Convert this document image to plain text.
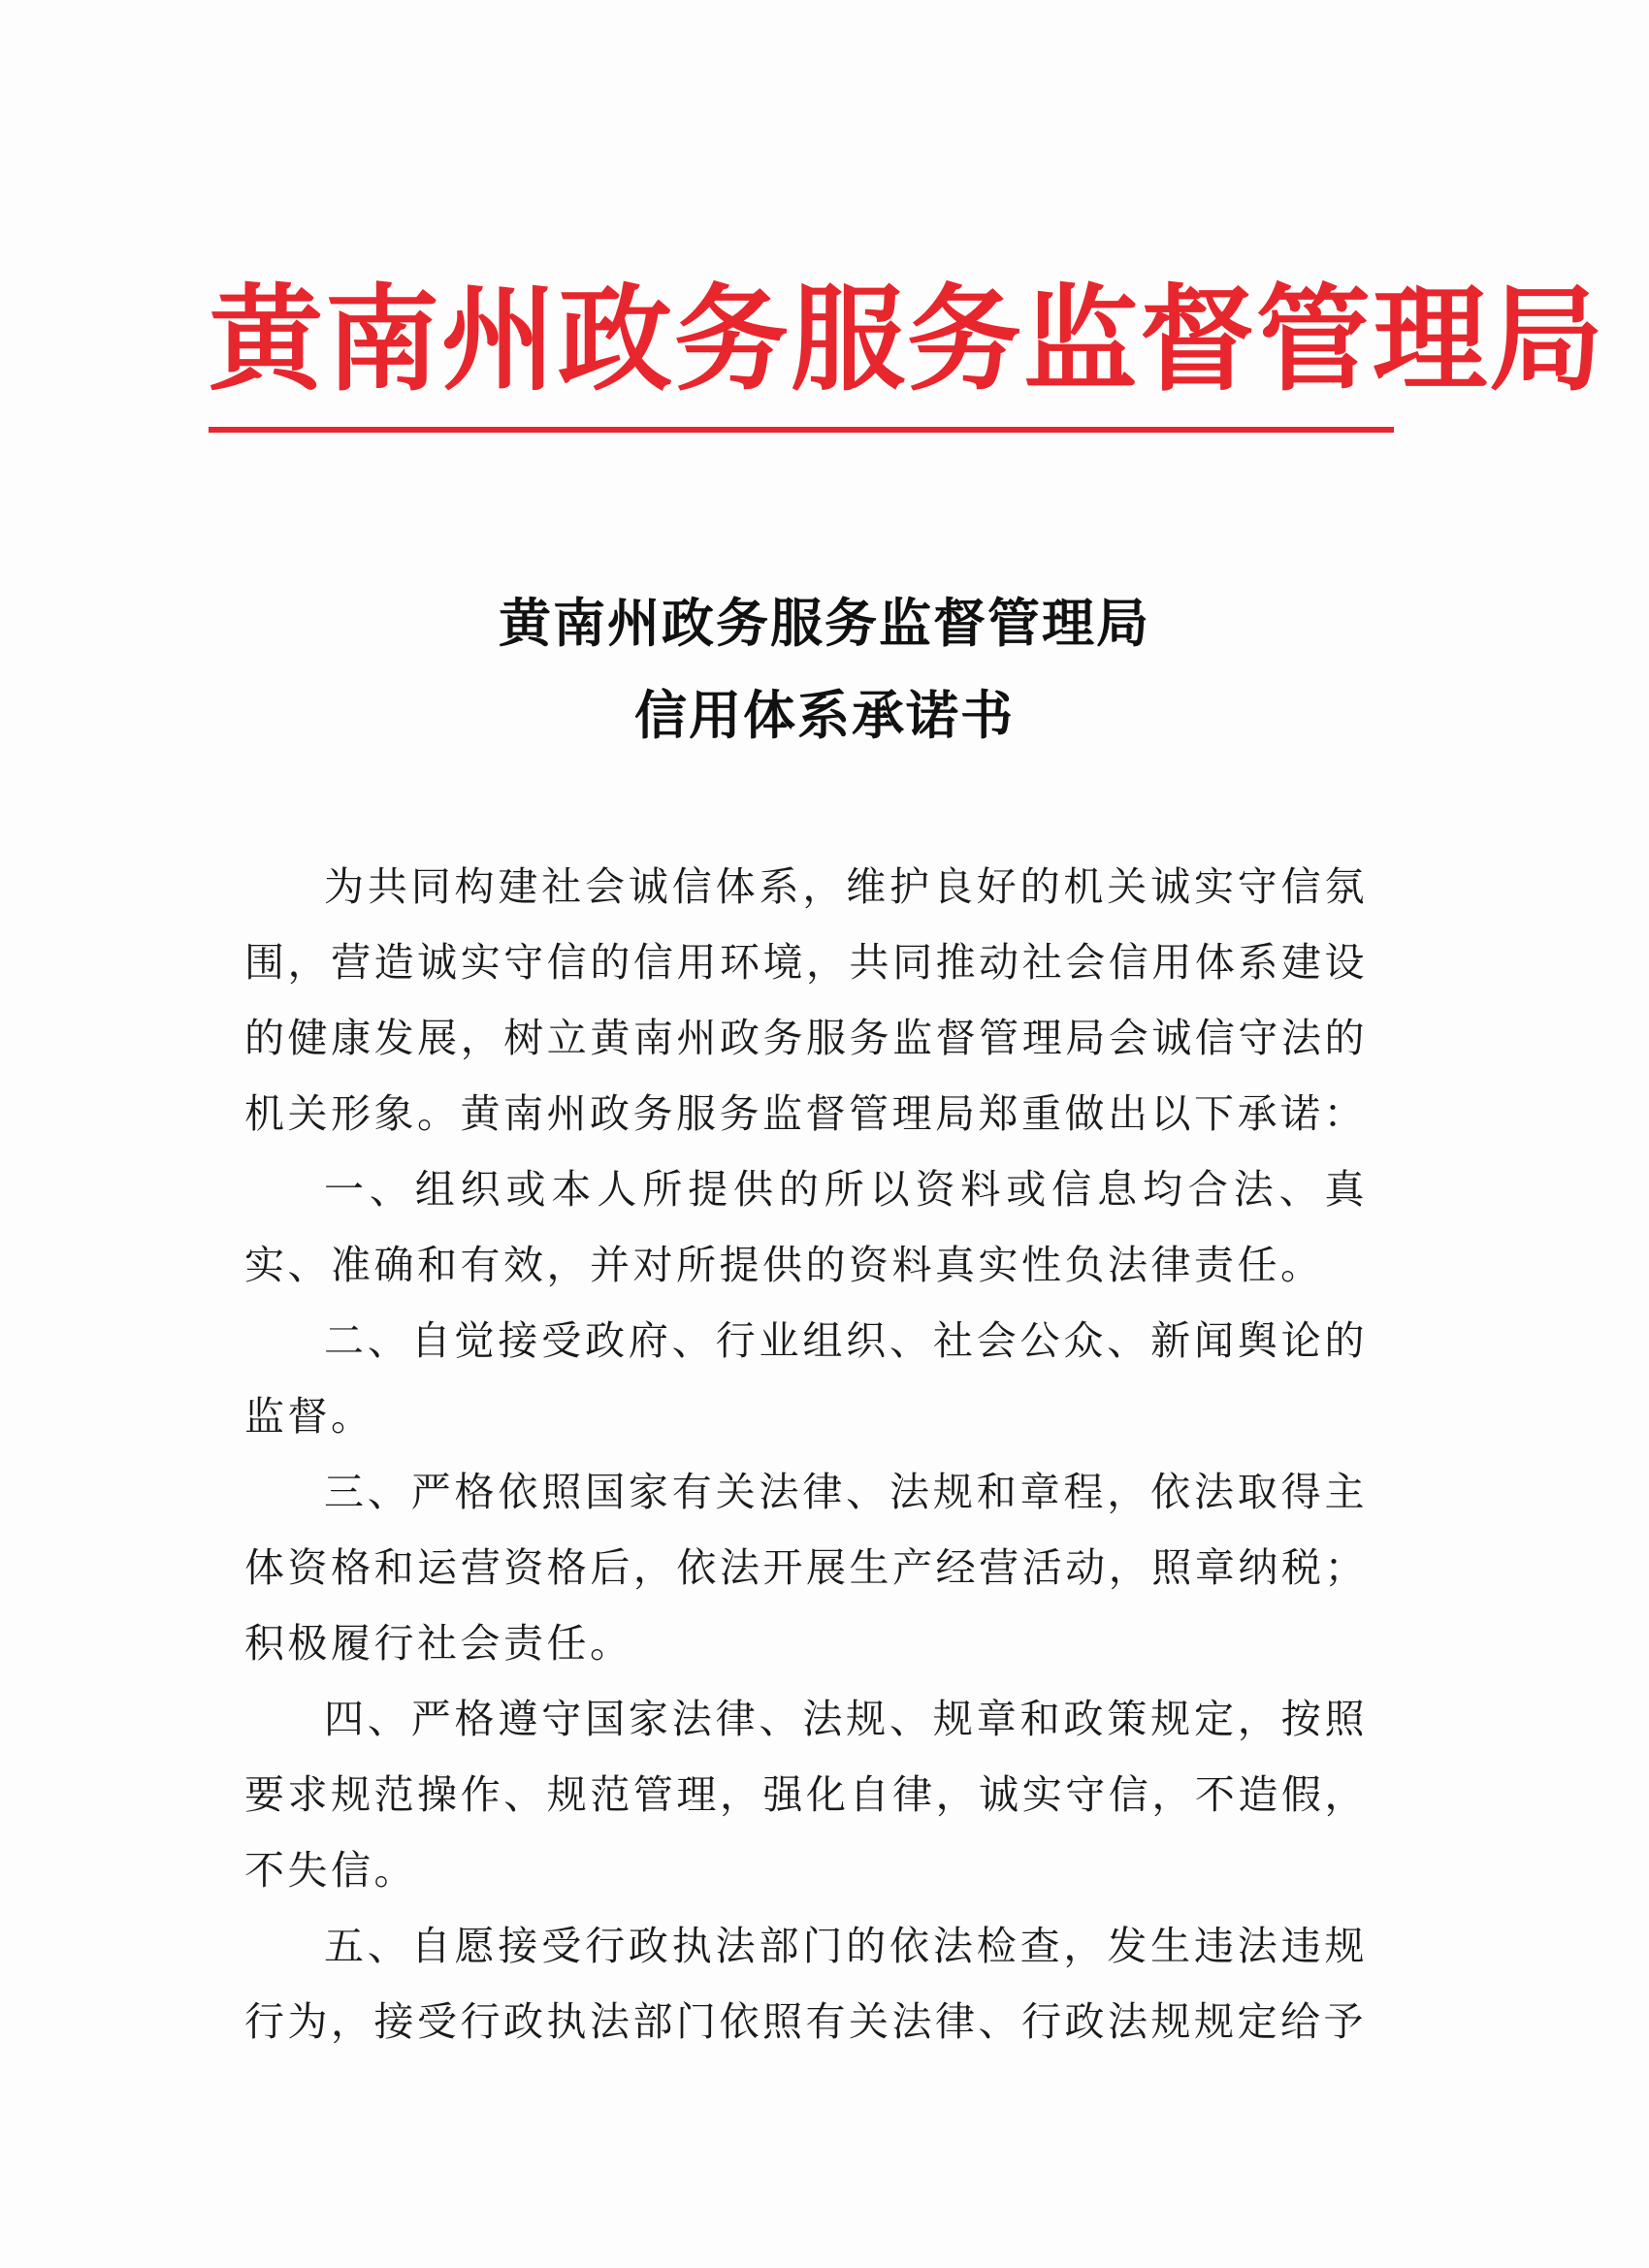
黄南州政务服务监督管理局
黄南州政务服务监督管理局
信用体系承诺书

为共同构建社会诚信体系，维护良好的机关诚实守信氛围，营造诚实守信的信用环境，共同推动社会信用体系建设的健康发展，树立黄南州政务服务监督管理局会诚信守法的机关形象。黄南州政务服务监督管理局郑重做出以下承诺：

一、组织或本人所提供的所以资料或信息均合法、真实、准确和有效，并对所提供的资料真实性负法律责任。

二、自觉接受政府、行业组织、社会公众、新闻舆论的监督。

三、严格依照国家有关法律、法规和章程，依法取得主体资格和运营资格后，依法开展生产经营活动，照章纳税；积极履行社会责任。

四、严格遵守国家法律、法规、规章和政策规定，按照要求规范操作、规范管理，强化自律，诚实守信，不造假，不失信。

五、自愿接受行政执法部门的依法检查，发生违法违规行为，接受行政执法部门依照有关法律、行政法规规定给予
